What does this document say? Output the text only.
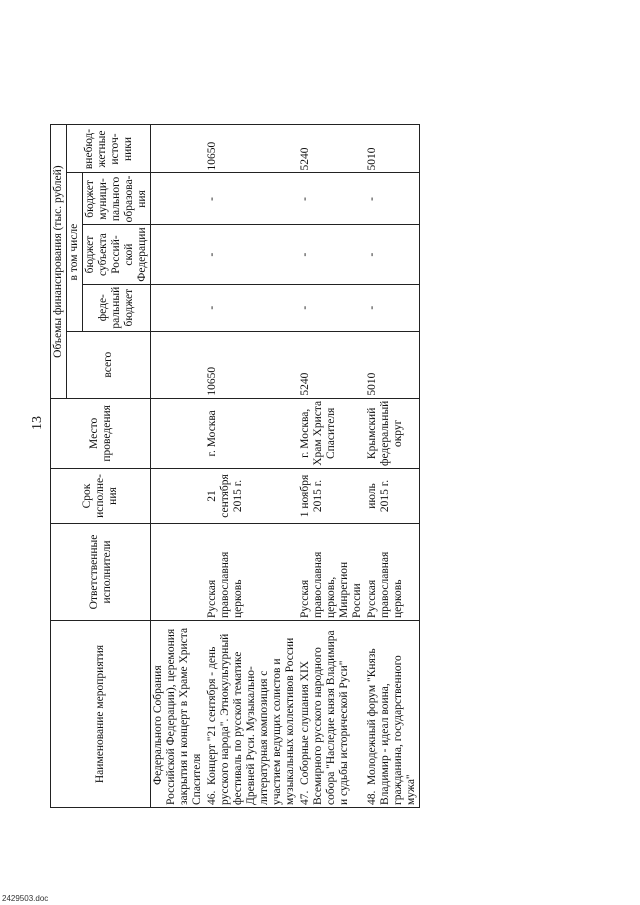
13
Наименование мероприятия	Ответственные исполнители	Срок исполне-ния	Место проведения	Объемы финансирования (тыс. рублей)				
				всего	в том числе			внебюд-жетные источ-ники
					феде-ральный бюджет	бюджет субъекта Россий-ской Федерации	бюджет муници-пального образова-ния	
Федерального Собрания Российской Федерации), церемония закрытия и концерт в Храме Христа Спасителя								
46.Концерт "21 сентября - день русского народа". Этнокультурный фестиваль по русской тематике Древней Руси. Музыкально-литературная композиция с участием ведущих солистов и музыкальных коллективов России	Русская православная церковь	21 сентября 2015 г.	г. Москва	10650	-	-	-	10650
47.Соборные слушания XIX Всемирного русского народного собора "Наследие князя Владимира и судьбы исторической Руси"	Русская православная церковь, Минрегион России	1 ноября 2015 г.	г. Москва, Храм Христа Спасителя	5240	-	-	-	5240
48.Молодежный форум "Князь Владимир - идеал воина, гражданина, государственного мужа"	Русская православная церковь	июль 2015 г.	Крымский федеральный округ	5010	-	-	-	5010
2429503.doc
